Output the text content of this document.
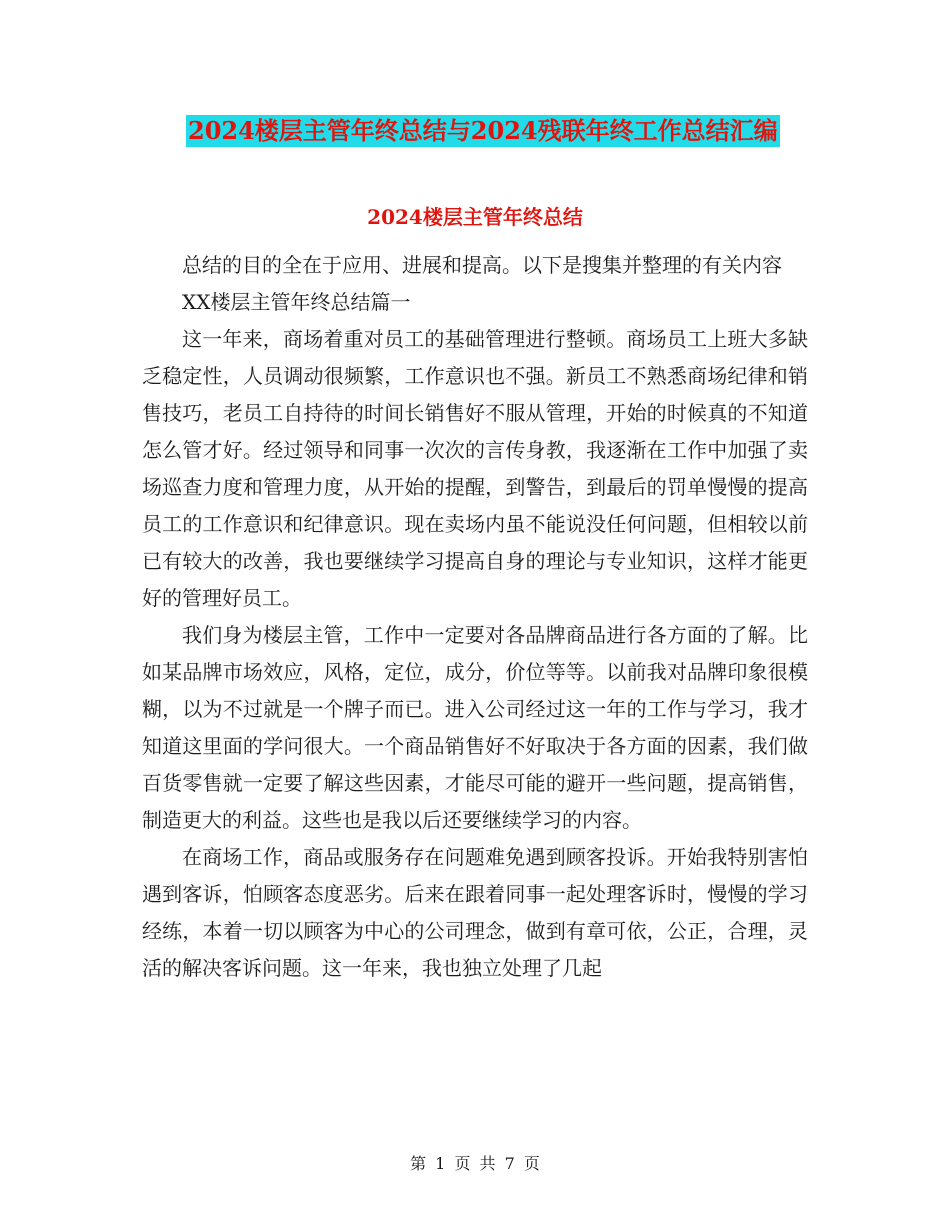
2024楼层主管年终总结与2024残联年终工作总结汇编
2024楼层主管年终总结

总结的目的全在于应用、进展和提高。以下是搜集并整理的有关内容

XX楼层主管年终总结篇一

这一年来，商场着重对员工的基础管理进行整顿。商场员工上班大多缺乏稳定性，人员调动很频繁，工作意识也不强。新员工不熟悉商场纪律和销售技巧，老员工自持待的时间长销售好不服从管理，开始的时候真的不知道怎么管才好。经过领导和同事一次次的言传身教，我逐渐在工作中加强了卖场巡查力度和管理力度，从开始的提醒，到警告，到最后的罚单慢慢的提高员工的工作意识和纪律意识。现在卖场内虽不能说没任何问题，但相较以前已有较大的改善，我也要继续学习提高自身的理论与专业知识，这样才能更好的管理好员工。

我们身为楼层主管，工作中一定要对各品牌商品进行各方面的了解。比如某品牌市场效应，风格，定位，成分，价位等等。以前我对品牌印象很模糊，以为不过就是一个牌子而已。进入公司经过这一年的工作与学习，我才知道这里面的学问很大。一个商品销售好不好取决于各方面的因素，我们做百货零售就一定要了解这些因素，才能尽可能的避开一些问题，提高销售，制造更大的利益。这些也是我以后还要继续学习的内容。

在商场工作，商品或服务存在问题难免遇到顾客投诉。开始我特别害怕遇到客诉，怕顾客态度恶劣。后来在跟着同事一起处理客诉时，慢慢的学习经练，本着一切以顾客为中心的公司理念，做到有章可依，公正，合理，灵活的解决客诉问题。这一年来，我也独立处理了几起

第 1 页 共 7 页
